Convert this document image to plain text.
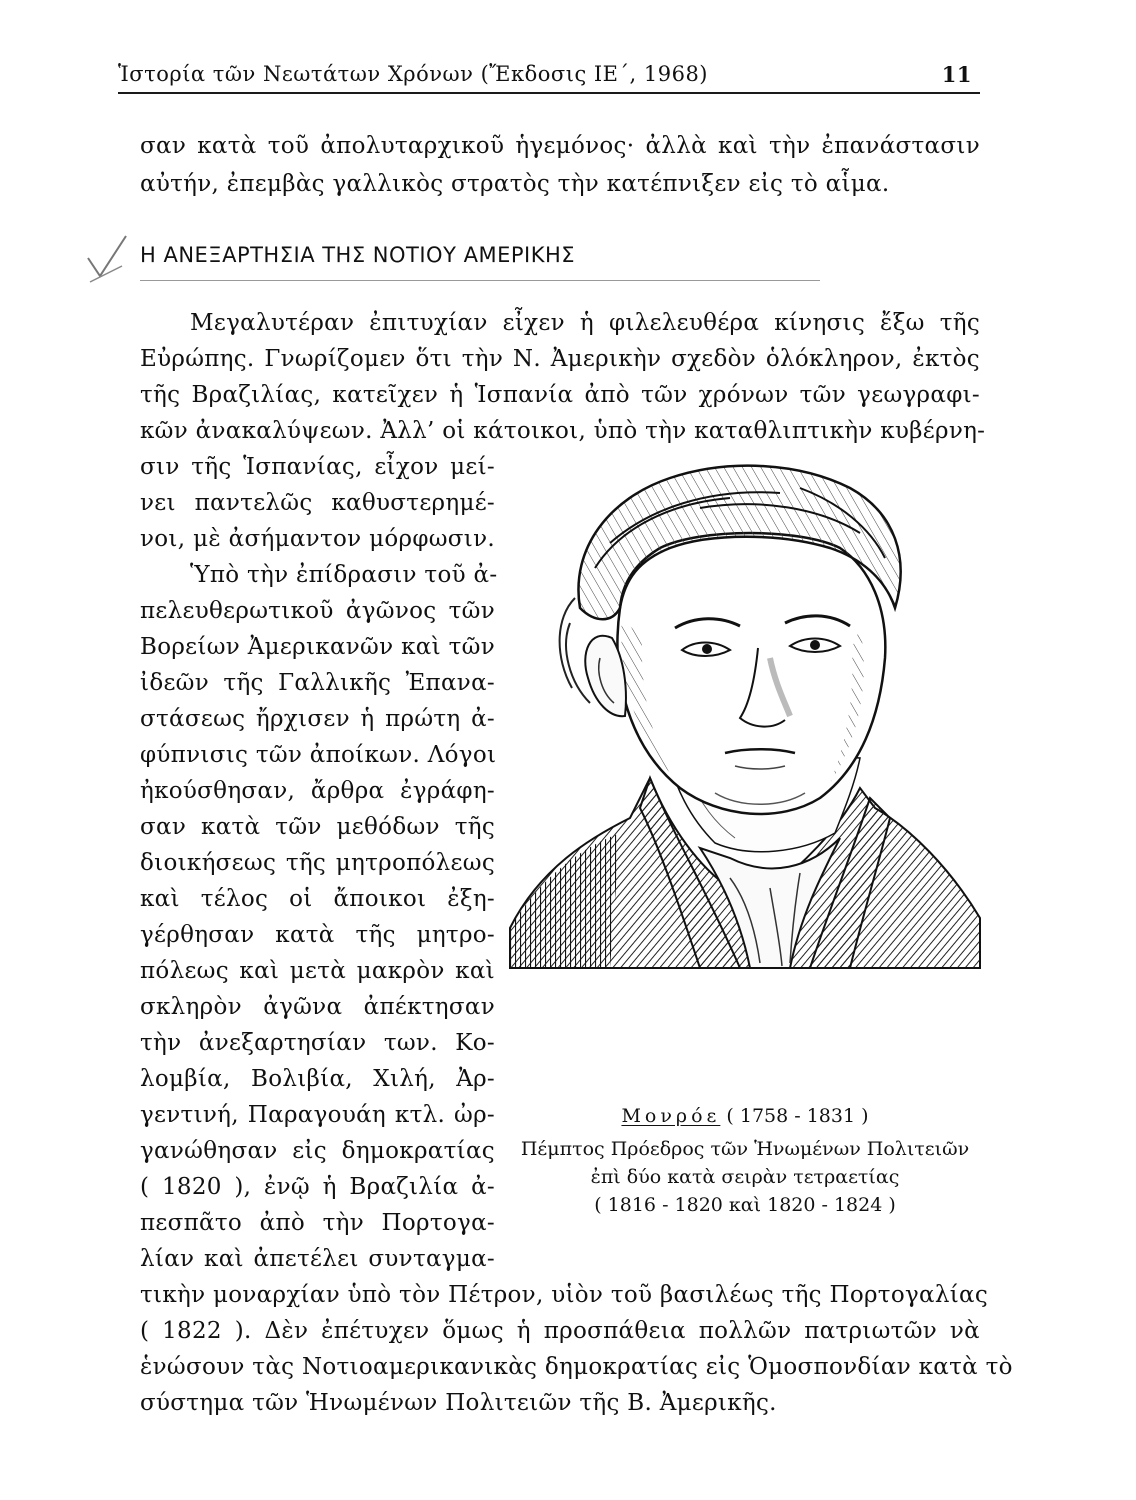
Ἱστορία τῶν Νεωτάτων Χρόνων (Ἔκδοσις ΙΕ΄, 1968)	11
σαν κατὰ τοῦ ἀπολυταρχικοῦ ἡγεμόνος· ἀλλὰ καὶ τὴν ἐπανάστασιν
αὐτήν, ἐπεμβὰς γαλλικὸς στρατὸς τὴν κατέπνιξεν εἰς τὸ αἷμα.
Η ΑΝΕΞΑΡΤΗΣΙΑ ΤΗΣ ΝΟΤΙΟΥ ΑΜΕΡΙΚΗΣ
Μεγαλυτέραν ἐπιτυχίαν εἶχεν ἡ φιλελευθέρα κίνησις ἔξω τῆς
Εὐρώπης. Γνωρίζομεν ὅτι τὴν Ν. Ἀμερικὴν σχεδὸν ὁλόκληρον, ἐκτὸς
τῆς Βραζιλίας, κατεῖχεν ἡ Ἱσπανία ἀπὸ τῶν χρόνων τῶν γεωγραφι-
κῶν ἀνακαλύψεων. Ἀλλ’ οἱ κάτοικοι, ὑπὸ τὴν καταθλιπτικὴν κυβέρνη-
σιν τῆς Ἱσπανίας, εἶχον μεί-
νει παντελῶς καθυστερημέ-
νοι, μὲ ἀσήμαντον μόρφωσιν.
Ὑπὸ τὴν ἐπίδρασιν τοῦ ἀ-
πελευθερωτικοῦ ἀγῶνος τῶν
Βορείων Ἀμερικανῶν καὶ τῶν
ἰδεῶν τῆς Γαλλικῆς Ἐπανα-
στάσεως ἤρχισεν ἡ πρώτη ἀ-
φύπνισις τῶν ἀποίκων. Λόγοι
ἠκούσθησαν, ἄρθρα ἐγράφη-
σαν κατὰ τῶν μεθόδων τῆς
διοικήσεως τῆς μητροπόλεως
καὶ τέλος οἱ ἄποικοι ἐξη-
γέρθησαν κατὰ τῆς μητρο-
πόλεως καὶ μετὰ μακρὸν καὶ
σκληρὸν ἀγῶνα ἀπέκτησαν
τὴν ἀνεξαρτησίαν των. Κο-
λομβία, Βολιβία, Χιλή, Ἀρ-
γεντινή, Παραγουάη κτλ. ὠρ-
γανώθησαν εἰς δημοκρατίας
( 1820 ), ἐνῷ ἡ Βραζιλία ἀ-
πεσπᾶτο ἀπὸ τὴν Πορτογα-
λίαν καὶ ἀπετέλει συνταγμα-
τικὴν μοναρχίαν ὑπὸ τὸν Πέτρον, υἱὸν τοῦ βασιλέως τῆς Πορτογαλίας
( 1822 ). Δὲν ἐπέτυχεν ὅμως ἡ προσπάθεια πολλῶν πατριωτῶν νὰ
ἑνώσουν τὰς Νοτιοαμερικανικὰς δημοκρατίας εἰς Ὁμοσπονδίαν κατὰ τὸ
σύστημα τῶν Ἡνωμένων Πολιτειῶν τῆς Β. Ἀμερικῆς.
Μονρόε ( 1758 - 1831 )
Πέμπτος Πρόεδρος τῶν Ἡνωμένων Πολιτειῶν
ἐπὶ δύο κατὰ σειρὰν τετραετίας
( 1816 - 1820 καὶ 1820 - 1824 )
